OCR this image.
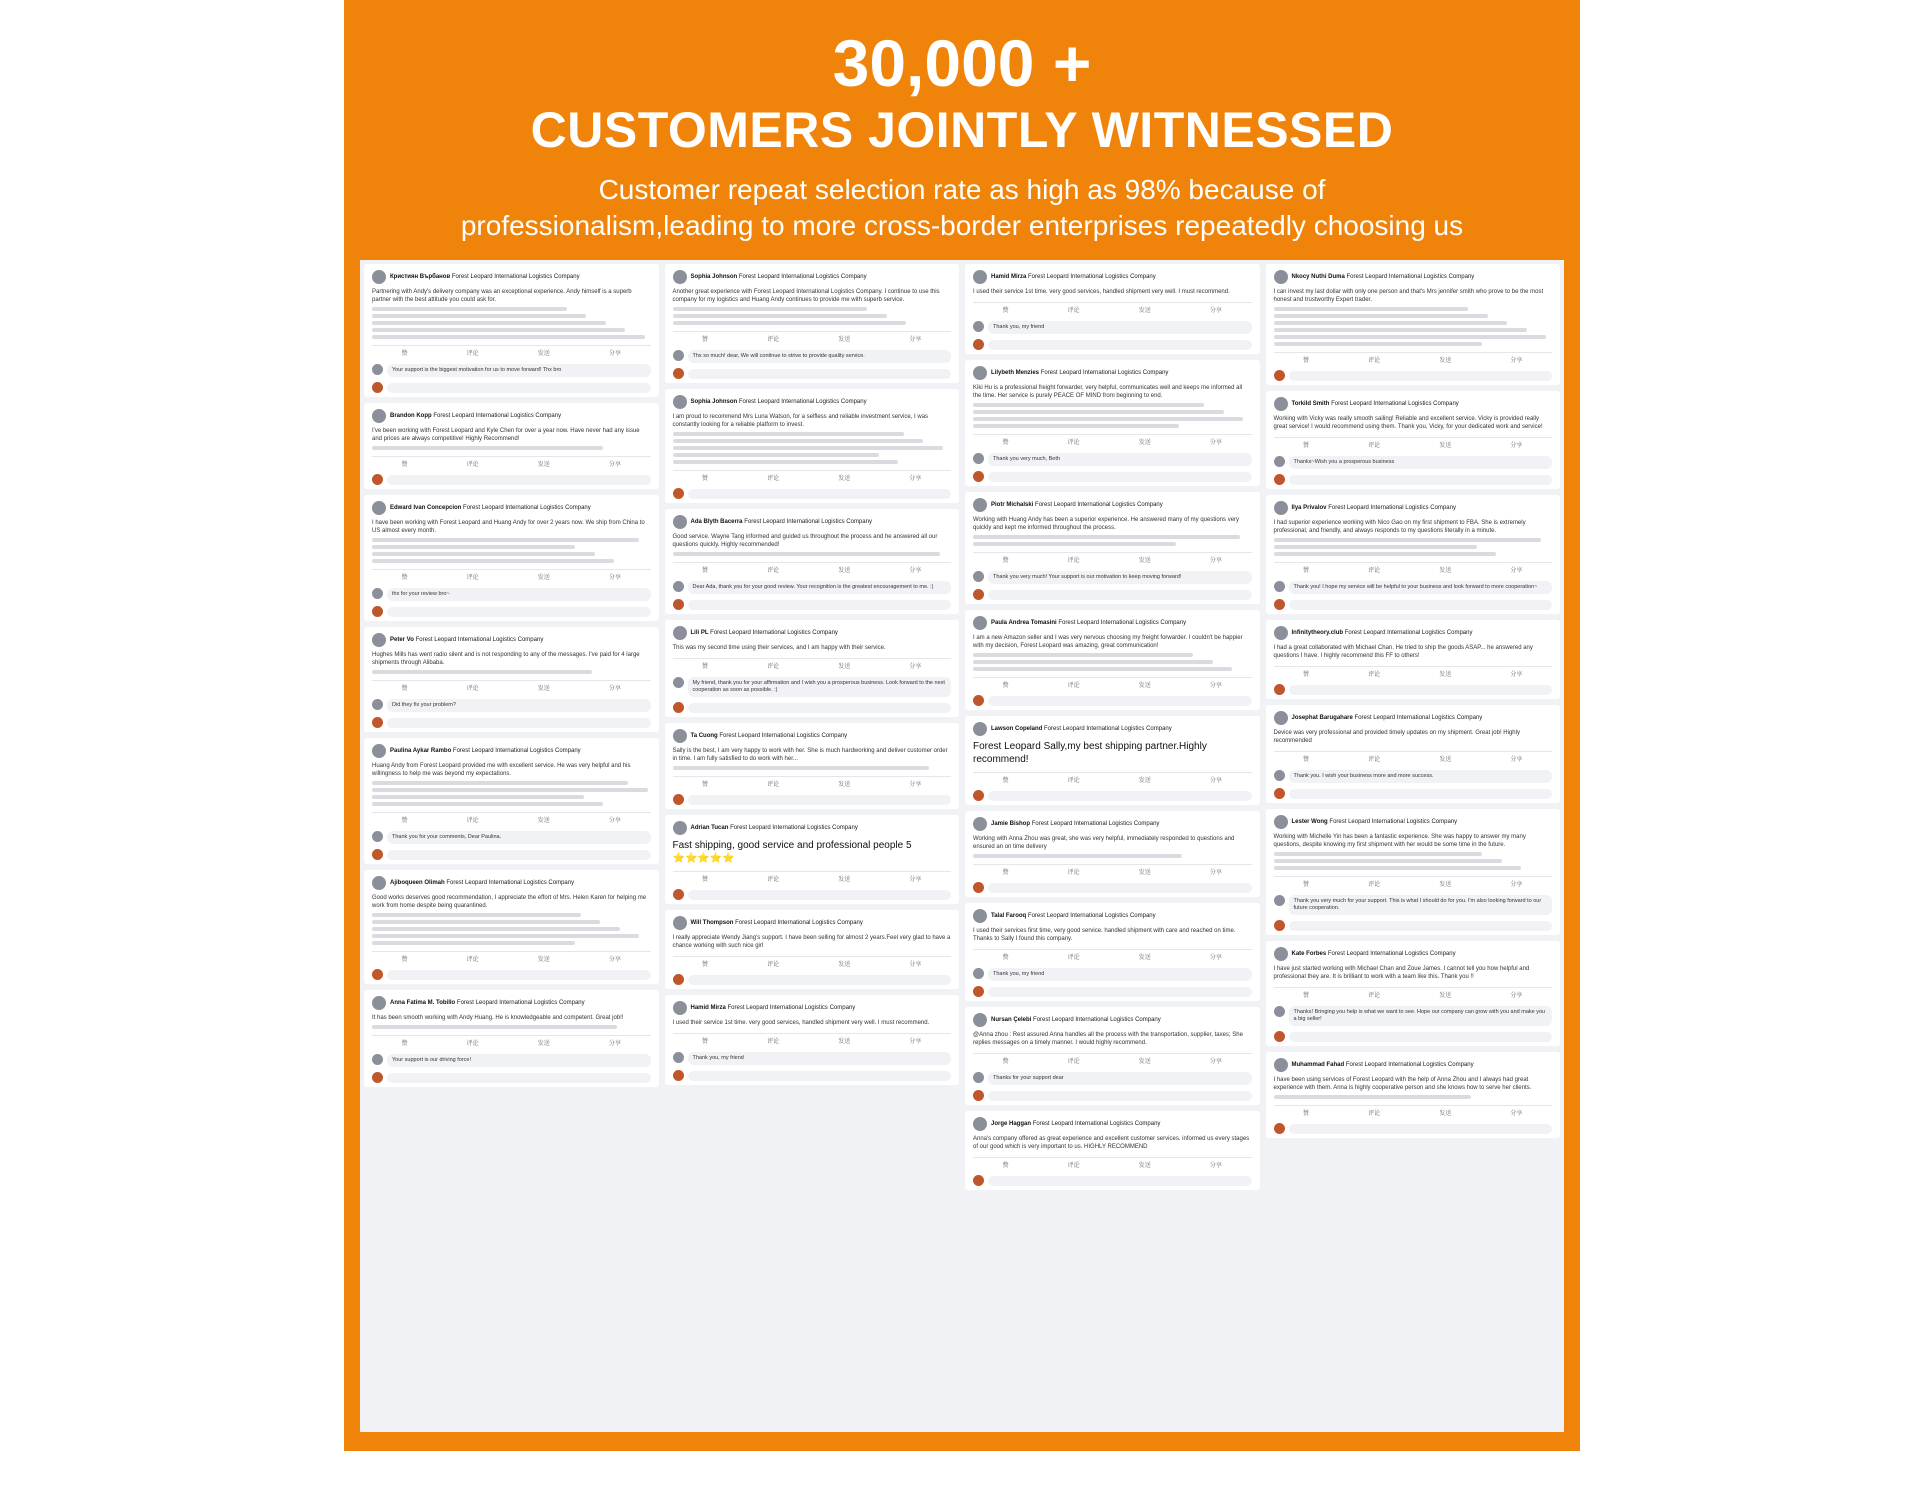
30,000 +
CUSTOMERS JOINTLY WITNESSED
Customer repeat selection rate as high as 98% because of
professionalism,leading to more cross-border enterprises repeatedly choosing us
Кристиян Върбанов Forest Leopard International Logistics Company
Partnering with Andy's delivery company was an exceptional experience. Andy himself is a superb partner with the best attitude you could ask for.
赞	评论	发送	分享
Your support is the biggest motivation for us to move forward! Thx bro
Brandon Kopp Forest Leopard International Logistics Company
I've been working with Forest Leopard and Kyle Chen for over a year now. Have never had any issue and prices are always competitive! Highly Recommend!
赞	评论	发送	分享
Edward Ivan Concepcion Forest Leopard International Logistics Company
I have been working with Forest Leopard and Huang Andy for over 2 years now. We ship from China to US almost every month.
赞	评论	发送	分享
thx for your review bro~
Peter Vo Forest Leopard International Logistics Company
Hughes Mills has went radio silent and is not responding to any of the messages. I've paid for 4 large shipments through Alibaba.
赞	评论	发送	分享
Did they fix your problem?
Paulina Aykar Rambo Forest Leopard International Logistics Company
Huang Andy from Forest Leopard provided me with excellent service. He was very helpful and his willingness to help me was beyond my expectations.
赞	评论	发送	分享
Thank you for your comments, Dear Paulina.
Ajiboqueen Olimah Forest Leopard International Logistics Company
Good works deserves good recommendation, I appreciate the effort of Mrs. Helen Karen for helping me work from home despite being quarantined.
赞	评论	发送	分享
Anna Fatima M. Tobillo Forest Leopard International Logistics Company
It has been smooth working with Andy Huang. He is knowledgeable and competent. Great job!!
赞	评论	发送	分享
Your support is our driving force!
Sophia Johnson Forest Leopard International Logistics Company
Another great experience with Forest Leopard International Logistics Company. I continue to use this company for my logistics and Huang Andy continues to provide me with superb service.
赞	评论	发送	分享
Thx so much! dear, We will continue to strive to provide quality service.
Sophia Johnson Forest Leopard International Logistics Company
I am proud to recommend Mrs Luna Watson, for a selfless and reliable investment service, I was constantly looking for a reliable platform to invest.
赞	评论	发送	分享
Ada Blyth Bacerra Forest Leopard International Logistics Company
Good service. Wayne Tang informed and guided us throughout the process and he answered all our questions quickly. Highly recommended!
赞	评论	发送	分享
Dear Ada, thank you for your good review. Your recognition is the greatest encouragement to me. :)
Lili PL Forest Leopard International Logistics Company
This was my second time using their services, and I am happy with their service.
赞	评论	发送	分享
My friend, thank you for your affirmation and I wish you a prosperous business. Look forward to the next cooperation as soon as possible. :)
Ta Cuong Forest Leopard International Logistics Company
Sally is the best, I am very happy to work with her. She is much hardworking and deliver customer order in time. I am fully satisfied to do work with her...
赞	评论	发送	分享
Adrian Tucan Forest Leopard International Logistics Company
Fast shipping, good service and professional people 5 ⭐⭐⭐⭐⭐
赞	评论	发送	分享
Will Thompson Forest Leopard International Logistics Company
I really appreciate Wendy Jiang's support. I have been selling for almost 2 years.Feel very glad to have a chance working with such nice girl
赞	评论	发送	分享
Hamid Mirza Forest Leopard International Logistics Company
I used their service 1st time. very good services, handled shipment very well. I must recommend.
赞	评论	发送	分享
Thank you, my friend
Hamid Mirza Forest Leopard International Logistics Company
I used their service 1st time. very good services, handled shipment very well. I must recommend.
赞	评论	发送	分享
Thank you, my friend
Lilybeth Menzies Forest Leopard International Logistics Company
Kiki Hu is a professional freight forwarder, very helpful, communicates well and keeps me informed all the time. Her service is purely PEACE OF MIND from beginning to end.
赞	评论	发送	分享
Thank you very much, Beth
Piotr Michalski Forest Leopard International Logistics Company
Working with Huang Andy has been a superior experience. He answered many of my questions very quickly and kept me informed throughout the process.
赞	评论	发送	分享
Thank you very much! Your support is our motivation to keep moving forward!
Paula Andrea Tomasini Forest Leopard International Logistics Company
I am a new Amazon seller and I was very nervous choosing my freight forwarder. I couldn't be happier with my decision, Forest Leopard was amazing, great communication!
赞	评论	发送	分享
Lawson Copeland Forest Leopard International Logistics Company
Forest Leopard Sally,my best shipping partner.Highly recommend!
赞	评论	发送	分享
Jamie Bishop Forest Leopard International Logistics Company
Working with Anna Zhou was great, she was very helpful, immediately responded to questions and ensured an on time delivery
赞	评论	发送	分享
Talal Farooq Forest Leopard International Logistics Company
I used their services first time, very good service. handled shipment with care and reached on time. Thanks to Sally I found this company.
赞	评论	发送	分享
Thank you, my friend
Nursan Çelebi Forest Leopard International Logistics Company
@Anna zhou : Rest assured Anna handles all the process with the transportation, supplier, taxes; She replies messages on a timely manner. I would highly recommend.
赞	评论	发送	分享
Thanks for your support dear
Jorge Haggan Forest Leopard International Logistics Company
Anna's company offered as great experience and excellent customer services. informed us every stages of our good which is very important to us. HIGHLY RECOMMEND
赞	评论	发送	分享
Nkocy Nuthi Duma Forest Leopard International Logistics Company
I can invest my last dollar with only one person and that's Mrs jennifer smith who prove to be the most honest and trustworthy Expert trader.
赞	评论	发送	分享
Torkild Smith Forest Leopard International Logistics Company
Working with Vicky was really smooth sailing! Reliable and excellent service. Vicky is provided really great service! I would recommend using them. Thank you, Vicky, for your dedicated work and service!
赞	评论	发送	分享
Thanks~Wish you a prosperous business
Ilya Privalov Forest Leopard International Logistics Company
I had superior experience working with Nico Gao on my first shipment to FBA. She is extremely professional, and friendly, and always responds to my questions literally in a minute.
赞	评论	发送	分享
Thank you! I hope my service will be helpful to your business and look forward to more cooperation~
Infinitytheory.club Forest Leopard International Logistics Company
I had a great collaborated with Michael Chan. He tried to ship the goods ASAP... he answered any questions I have. I highly recommend this FF to others!
赞	评论	发送	分享
Josephat Barugahare Forest Leopard International Logistics Company
Device was very professional and provided timely updates on my shipment. Great job! Highly recommended
赞	评论	发送	分享
Thank you. I wish your business more and more success.
Lester Wong Forest Leopard International Logistics Company
Working with Michelle Yin has been a fantastic experience. She was happy to answer my many questions, despite knowing my first shipment with her would be some time in the future.
赞	评论	发送	分享
Thank you very much for your support. This is what I should do for you. I'm also looking forward to our future cooperation.
Kate Forbes Forest Leopard International Logistics Company
I have just started working with Michael Chan and Zoue James. I cannot tell you how helpful and professional they are. It is brilliant to work with a team like this. Thank you !!
赞	评论	发送	分享
Thanks! Bringing you help is what we want to see. Hope our company can grow with you and make you a big seller!
Muhammad Fahad Forest Leopard International Logistics Company
I have been using services of Forest Leopard with the help of Anna Zhou and I always had great experience with them. Anna is highly cooperative person and she knows how to serve her clients.
赞	评论	发送	分享
